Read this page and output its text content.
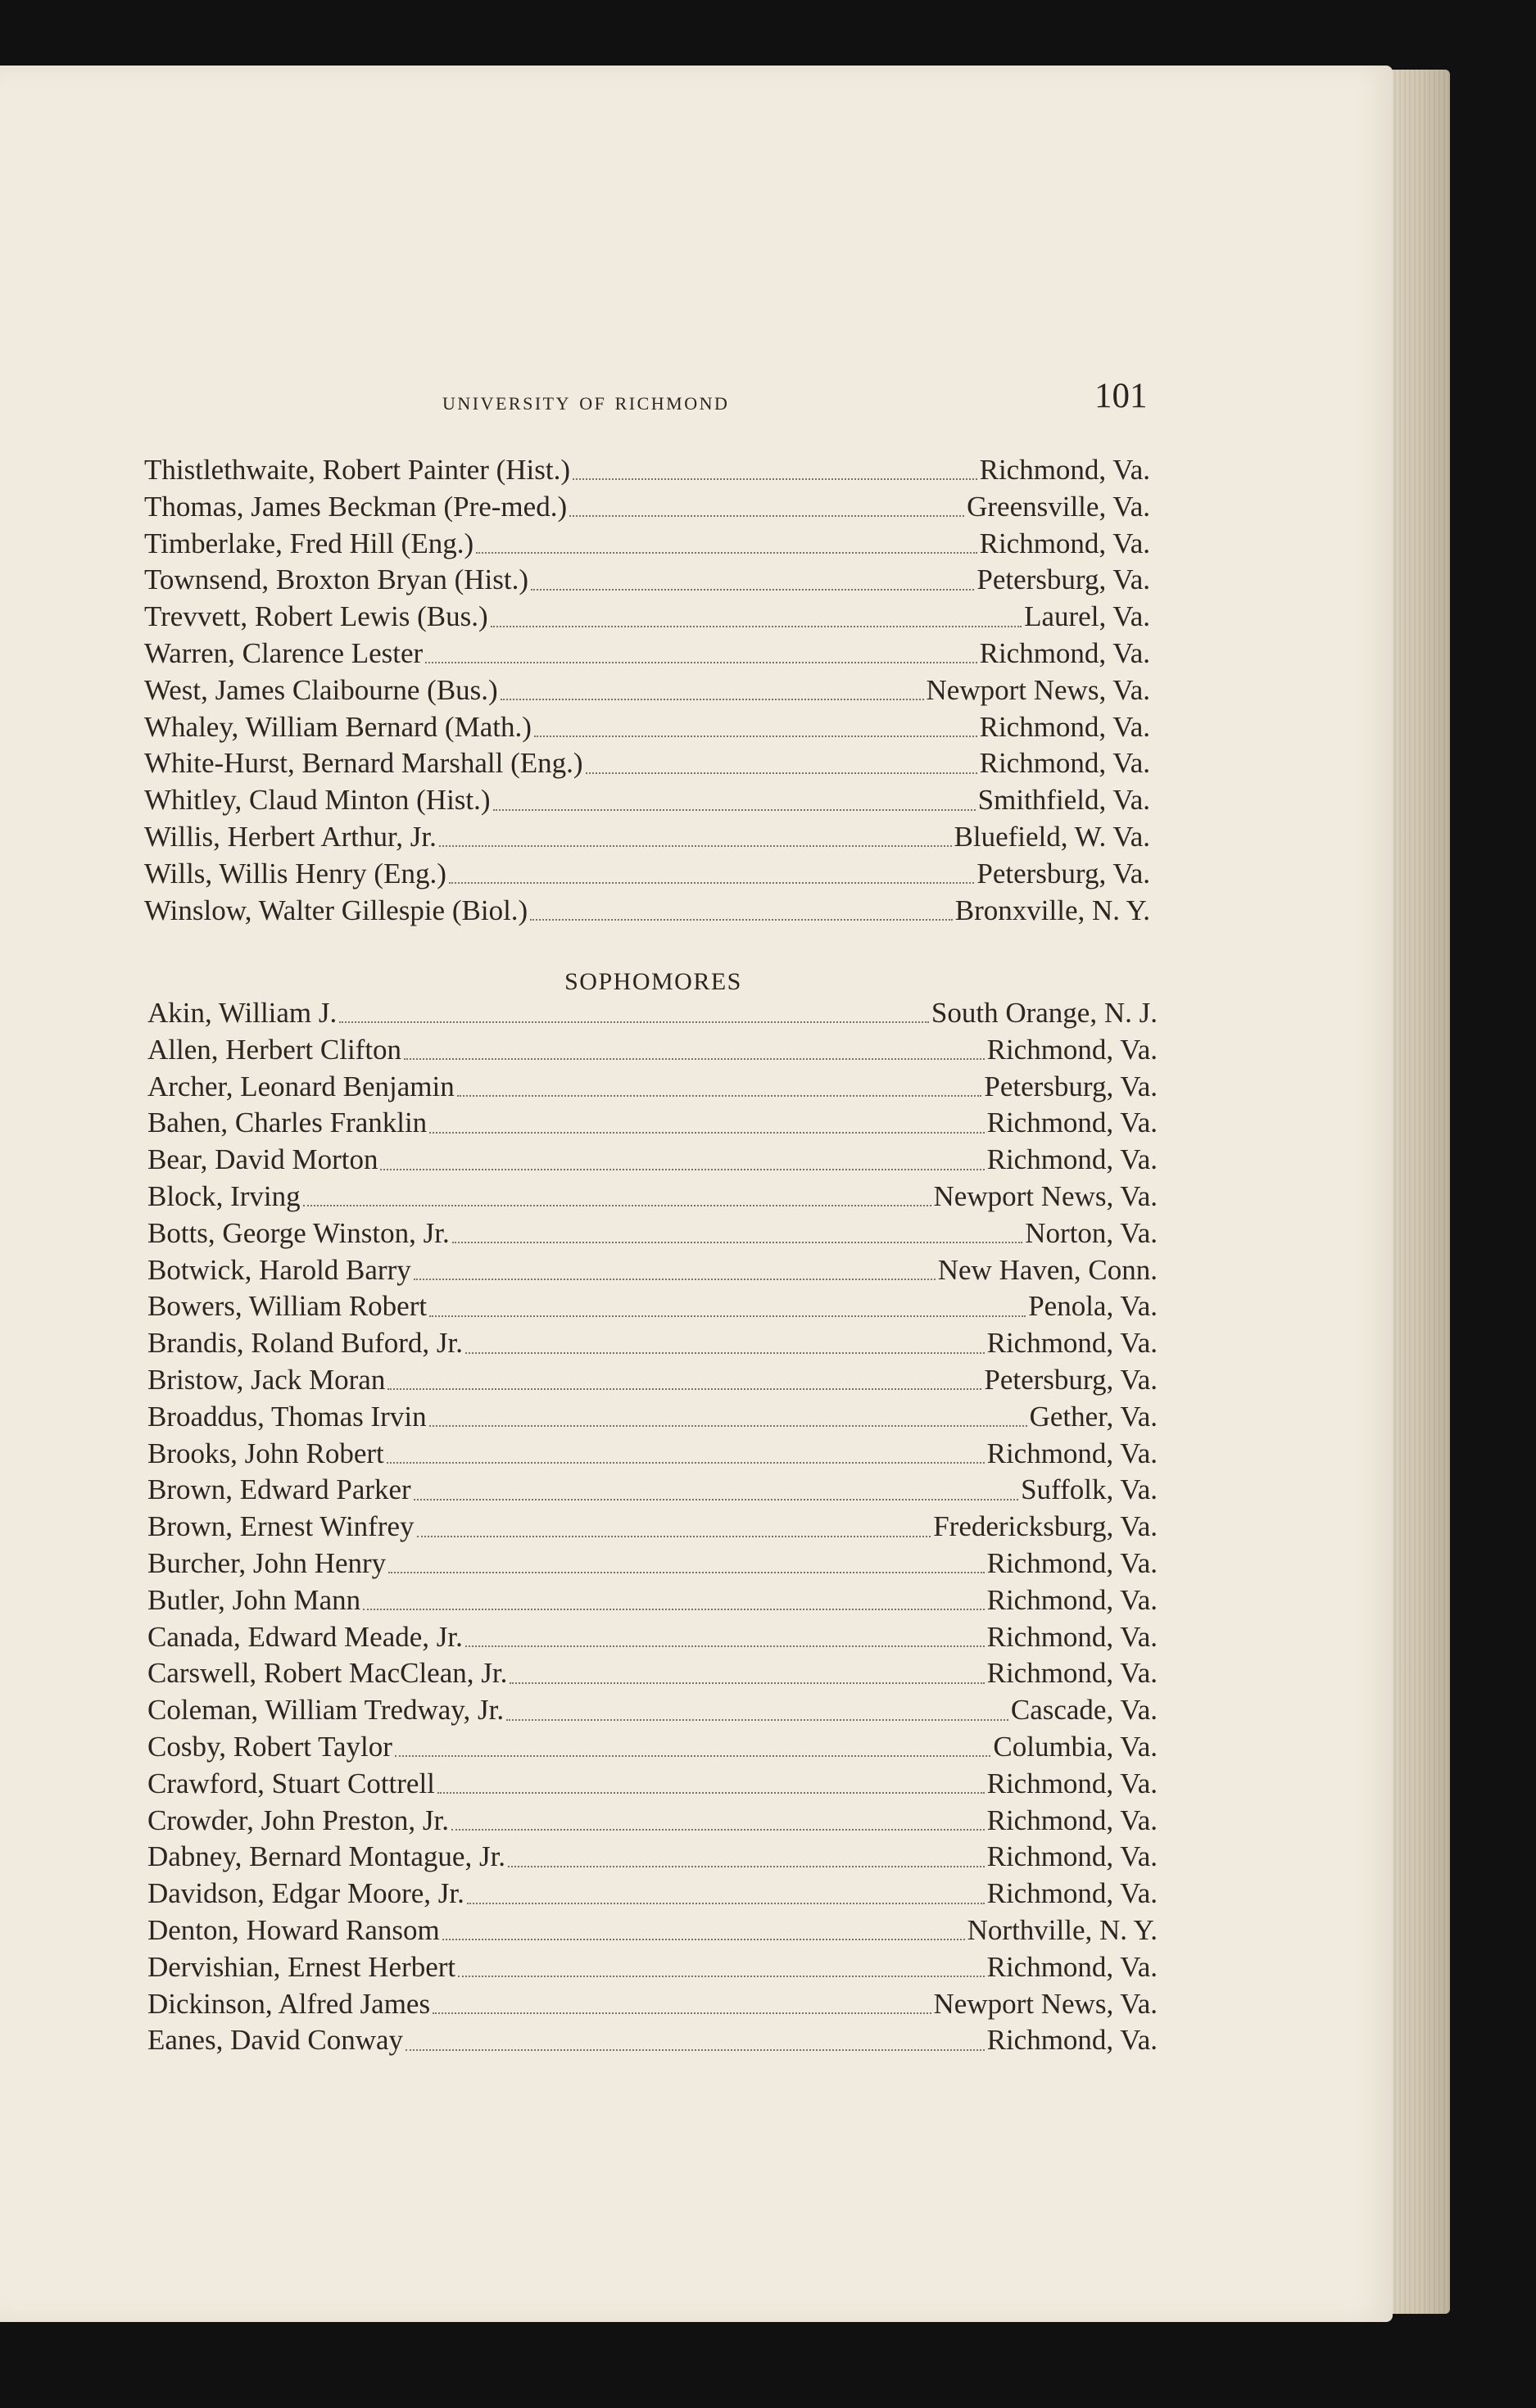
university of richmond	101
Thistlethwaite, Robert Painter (Hist.)	Richmond, Va.
Thomas, James Beckman (Pre-med.)	Greensville, Va.
Timberlake, Fred Hill (Eng.)	Richmond, Va.
Townsend, Broxton Bryan (Hist.)	Petersburg, Va.
Trevvett, Robert Lewis (Bus.)	Laurel, Va.
Warren, Clarence Lester	Richmond, Va.
West, James Claibourne (Bus.)	Newport News, Va.
Whaley, William Bernard (Math.)	Richmond, Va.
White-Hurst, Bernard Marshall (Eng.)	Richmond, Va.
Whitley, Claud Minton (Hist.)	Smithfield, Va.
Willis, Herbert Arthur, Jr.	Bluefield, W. Va.
Wills, Willis Henry (Eng.)	Petersburg, Va.
Winslow, Walter Gillespie (Biol.)	Bronxville, N. Y.
SOPHOMORES
Akin, William J.	South Orange, N. J.
Allen, Herbert Clifton	Richmond, Va.
Archer, Leonard Benjamin	Petersburg, Va.
Bahen, Charles Franklin	Richmond, Va.
Bear, David Morton	Richmond, Va.
Block, Irving	Newport News, Va.
Botts, George Winston, Jr.	Norton, Va.
Botwick, Harold Barry	New Haven, Conn.
Bowers, William Robert	Penola, Va.
Brandis, Roland Buford, Jr.	Richmond, Va.
Bristow, Jack Moran	Petersburg, Va.
Broaddus, Thomas Irvin	Gether, Va.
Brooks, John Robert	Richmond, Va.
Brown, Edward Parker	Suffolk, Va.
Brown, Ernest Winfrey	Fredericksburg, Va.
Burcher, John Henry	Richmond, Va.
Butler, John Mann	Richmond, Va.
Canada, Edward Meade, Jr.	Richmond, Va.
Carswell, Robert MacClean, Jr.	Richmond, Va.
Coleman, William Tredway, Jr.	Cascade, Va.
Cosby, Robert Taylor	Columbia, Va.
Crawford, Stuart Cottrell	Richmond, Va.
Crowder, John Preston, Jr.	Richmond, Va.
Dabney, Bernard Montague, Jr.	Richmond, Va.
Davidson, Edgar Moore, Jr.	Richmond, Va.
Denton, Howard Ransom	Northville, N. Y.
Dervishian, Ernest Herbert	Richmond, Va.
Dickinson, Alfred James	Newport News, Va.
Eanes, David Conway	Richmond, Va.
